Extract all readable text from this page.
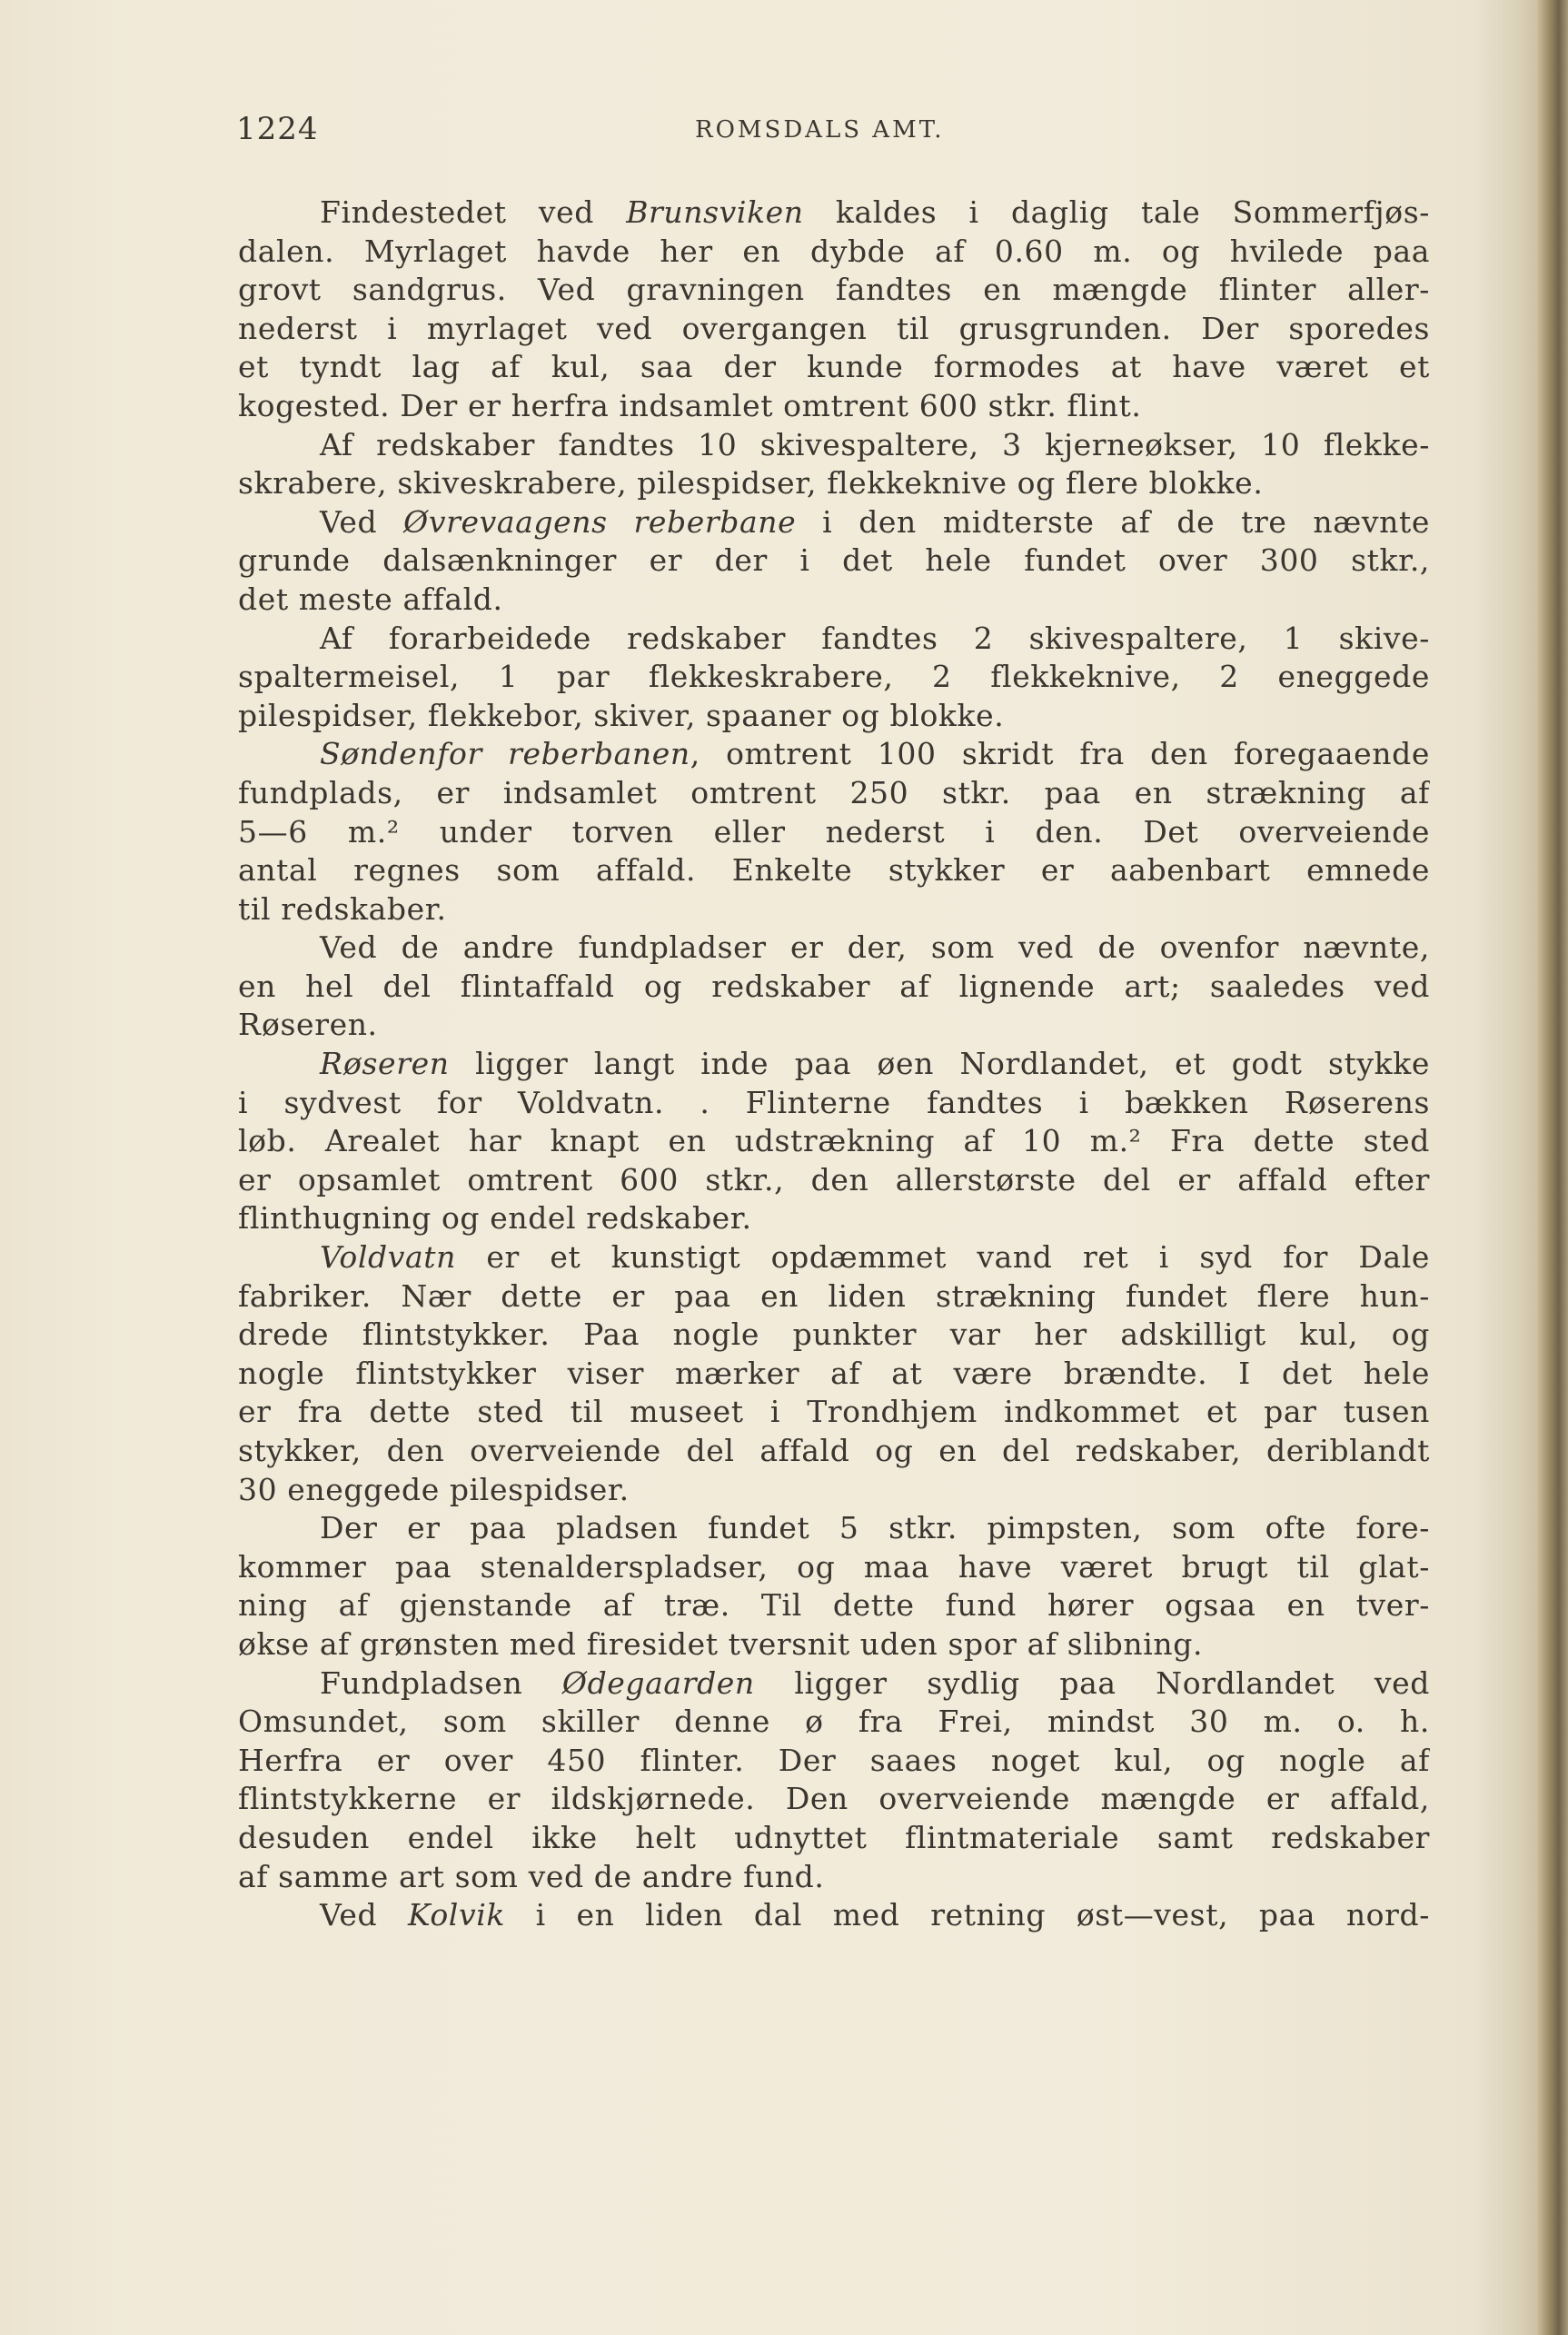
1224	ROMSDALS AMT.
Findestedet ved Brunsviken kaldes i daglig tale Sommerfjøs-
dalen. Myrlaget havde her en dybde af 0.60 m. og hvilede paa
grovt sandgrus. Ved gravningen fandtes en mængde flinter aller-
nederst i myrlaget ved overgangen til grusgrunden. Der sporedes
et tyndt lag af kul, saa der kunde formodes at have været et
kogested. Der er herfra indsamlet omtrent 600 stkr. flint.
Af redskaber fandtes 10 skivespaltere, 3 kjerneøkser, 10 flekke-
skrabere, skiveskrabere, pilespidser, flekkeknive og flere blokke.
Ved Øvrevaagens reberbane i den midterste af de tre nævnte
grunde dalsænkninger er der i det hele fundet over 300 stkr.,
det meste affald.
Af forarbeidede redskaber fandtes 2 skivespaltere, 1 skive-
spaltermeisel, 1 par flekkeskrabere, 2 flekkeknive, 2 eneggede
pilespidser, flekkebor, skiver, spaaner og blokke.
Søndenfor reberbanen, omtrent 100 skridt fra den foregaaende
fundplads, er indsamlet omtrent 250 stkr. paa en strækning af
5—6 m.² under torven eller nederst i den. Det overveiende
antal regnes som affald. Enkelte stykker er aabenbart emnede
til redskaber.
Ved de andre fundpladser er der, som ved de ovenfor nævnte,
en hel del flintaffald og redskaber af lignende art; saaledes ved
Røseren.
Røseren ligger langt inde paa øen Nordlandet, et godt stykke
i sydvest for Voldvatn. . Flinterne fandtes i bækken Røserens
løb. Arealet har knapt en udstrækning af 10 m.² Fra dette sted
er opsamlet omtrent 600 stkr., den allerstørste del er affald efter
flinthugning og endel redskaber.
Voldvatn er et kunstigt opdæmmet vand ret i syd for Dale
fabriker. Nær dette er paa en liden strækning fundet flere hun-
drede flintstykker. Paa nogle punkter var her adskilligt kul, og
nogle flintstykker viser mærker af at være brændte. I det hele
er fra dette sted til museet i Trondhjem indkommet et par tusen
stykker, den overveiende del affald og en del redskaber, deriblandt
30 eneggede pilespidser.
Der er paa pladsen fundet 5 stkr. pimpsten, som ofte fore-
kommer paa stenalderspladser, og maa have været brugt til glat-
ning af gjenstande af træ. Til dette fund hører ogsaa en tver-
økse af grønsten med firesidet tversnit uden spor af slibning.
Fundpladsen Ødegaarden ligger sydlig paa Nordlandet ved
Omsundet, som skiller denne ø fra Frei, mindst 30 m. o. h.
Herfra er over 450 flinter. Der saaes noget kul, og nogle af
flintstykkerne er ildskjørnede. Den overveiende mængde er affald,
desuden endel ikke helt udnyttet flintmateriale samt redskaber
af samme art som ved de andre fund.
Ved Kolvik i en liden dal med retning øst—vest, paa nord-
